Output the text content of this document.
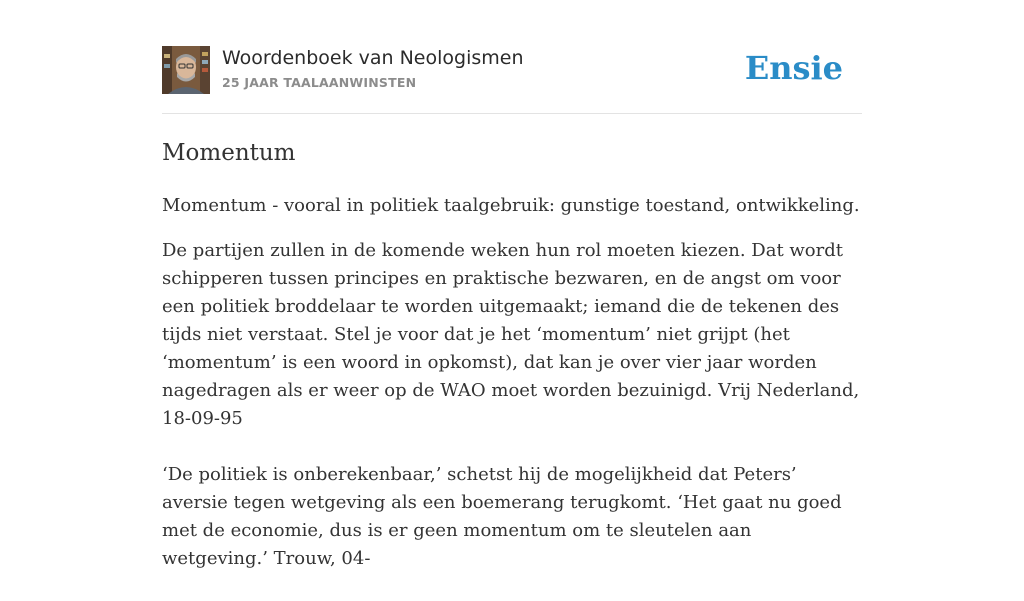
Woordenboek van Neologismen
25 JAAR TAALAANWINSTEN	Ensie
Momentum

Momentum - vooral in politiek taalgebruik: gunstige toestand, ontwikkeling.

De partijen zullen in de komende weken hun rol moeten kiezen. Dat wordt schipperen tussen principes en praktische bezwaren, en de angst om voor een politiek broddelaar te worden uitgemaakt; iemand die de tekenen des tijds niet verstaat. Stel je voor dat je het ‘momentum’ niet grijpt (het ‘momentum’ is een woord in opkomst), dat kan je over vier jaar worden nagedragen als er weer op de WAO moet worden bezuinigd. Vrij Nederland, 18-09-95

‘De politiek is onberekenbaar,’ schetst hij de mogelijkheid dat Peters’ aversie tegen wetgeving als een boemerang terugkomt. ‘Het gaat nu goed met de economie, dus is er geen momentum om te sleutelen aan wetgeving.’ Trouw, 04-
